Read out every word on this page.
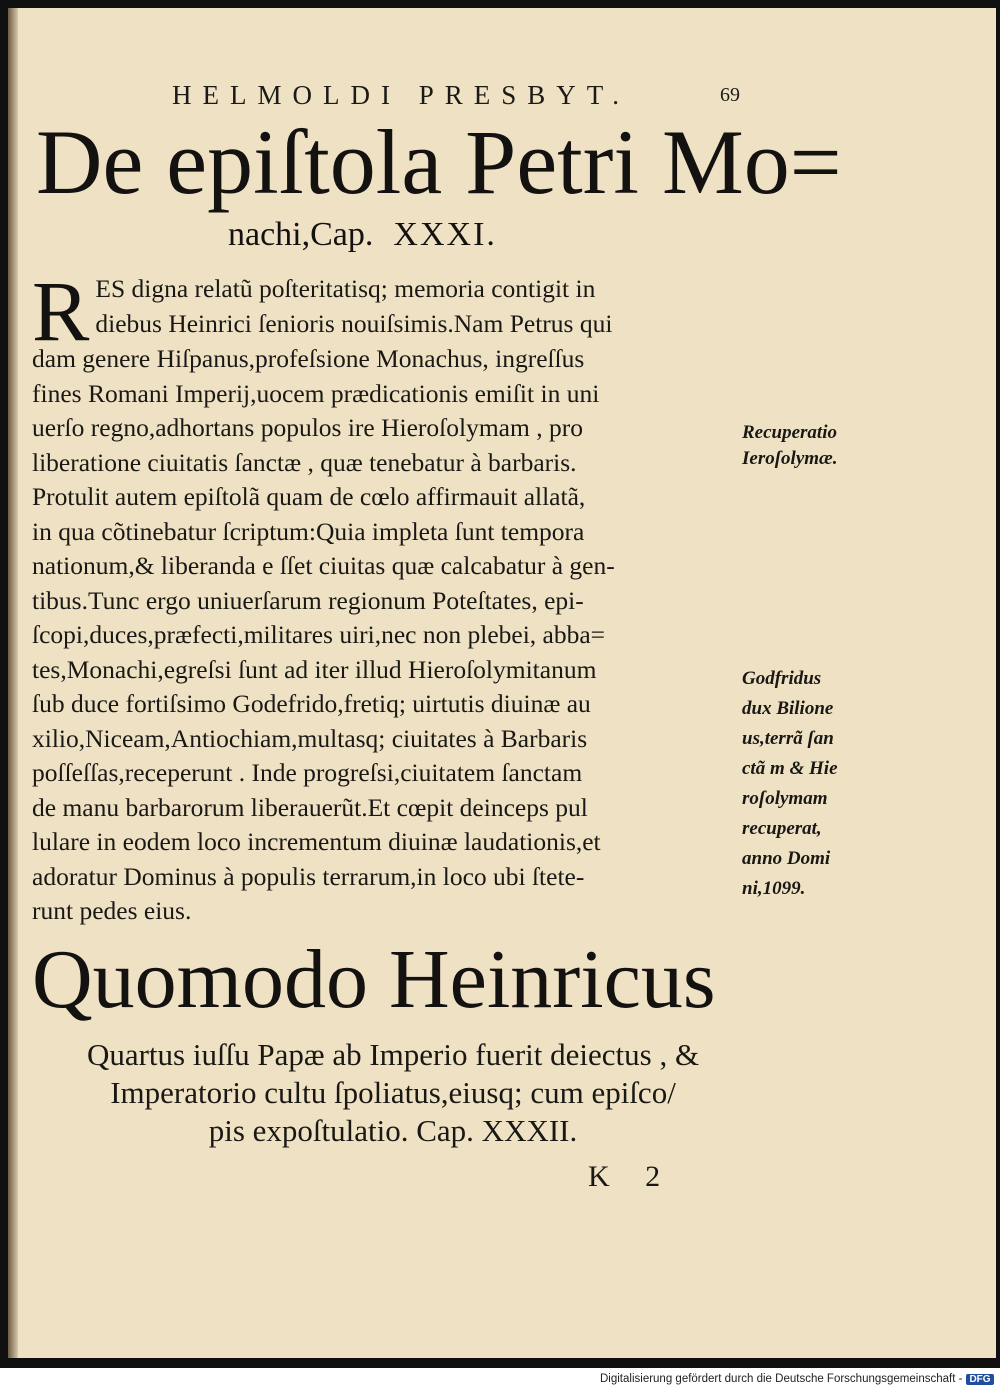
HELMOLDI PRESBYT.	69
De epiſtola Petri Mo=
nachi,Cap. XXXI.
R ES digna relatũ poſteritatisq; memoria contigit in
diebus Heinrici ſenioris nouiſsimis.Nam Petrus qui
dam genere Hiſpanus,profeſsione Monachus, ingreſſus
fines Romani Imperij,uocem prædicationis emiſit in uni
uerſo regno,adhortans populos ire Hieroſolymam , pro
liberatione ciuitatis ſanctæ , quæ tenebatur à barbaris.
Protulit autem epiſtolã quam de cœlo affirmauit allatã,
in qua cõtinebatur ſcriptum:Quia impleta ſunt tempora
nationum,& liberanda e ſſet ciuitas quæ calcabatur à gen-
tibus.Tunc ergo uniuerſarum regionum Poteſtates, epi-
ſcopi,duces,præfecti,militares uiri,nec non plebei, abba=
tes,Monachi,egreſsi ſunt ad iter illud Hieroſolymitanum
ſub duce fortiſsimo Godefrido,fretiq; uirtutis diuinæ au
xilio,Niceam,Antiochiam,multasq; ciuitates à Barbaris
poſſeſſas,receperunt . Inde progreſsi,ciuitatem ſanctam
de manu barbarorum liberauerũt.Et cœpit deinceps pul
lulare in eodem loco incrementum diuinæ laudationis,et
adoratur Dominus à populis terrarum,in loco ubi ſtete-
runt pedes eius.
Recuperatio
Ieroſolymæ.
Godfridus
dux Bilione
us,terrã ſan
ctã m & Hie
roſolymam
recuperat,
anno Domi
ni,1099.
Quomodo Heinricus
Quartus iuſſu Papæ ab Imperio fuerit deiectus , &
Imperatorio cultu ſpoliatus,eiusq; cum epiſco/
pis expoſtulatio. Cap. XXXII.
K 2
Digitalisierung gefördert durch die Deutsche Forschungsgemeinschaft - DFG
